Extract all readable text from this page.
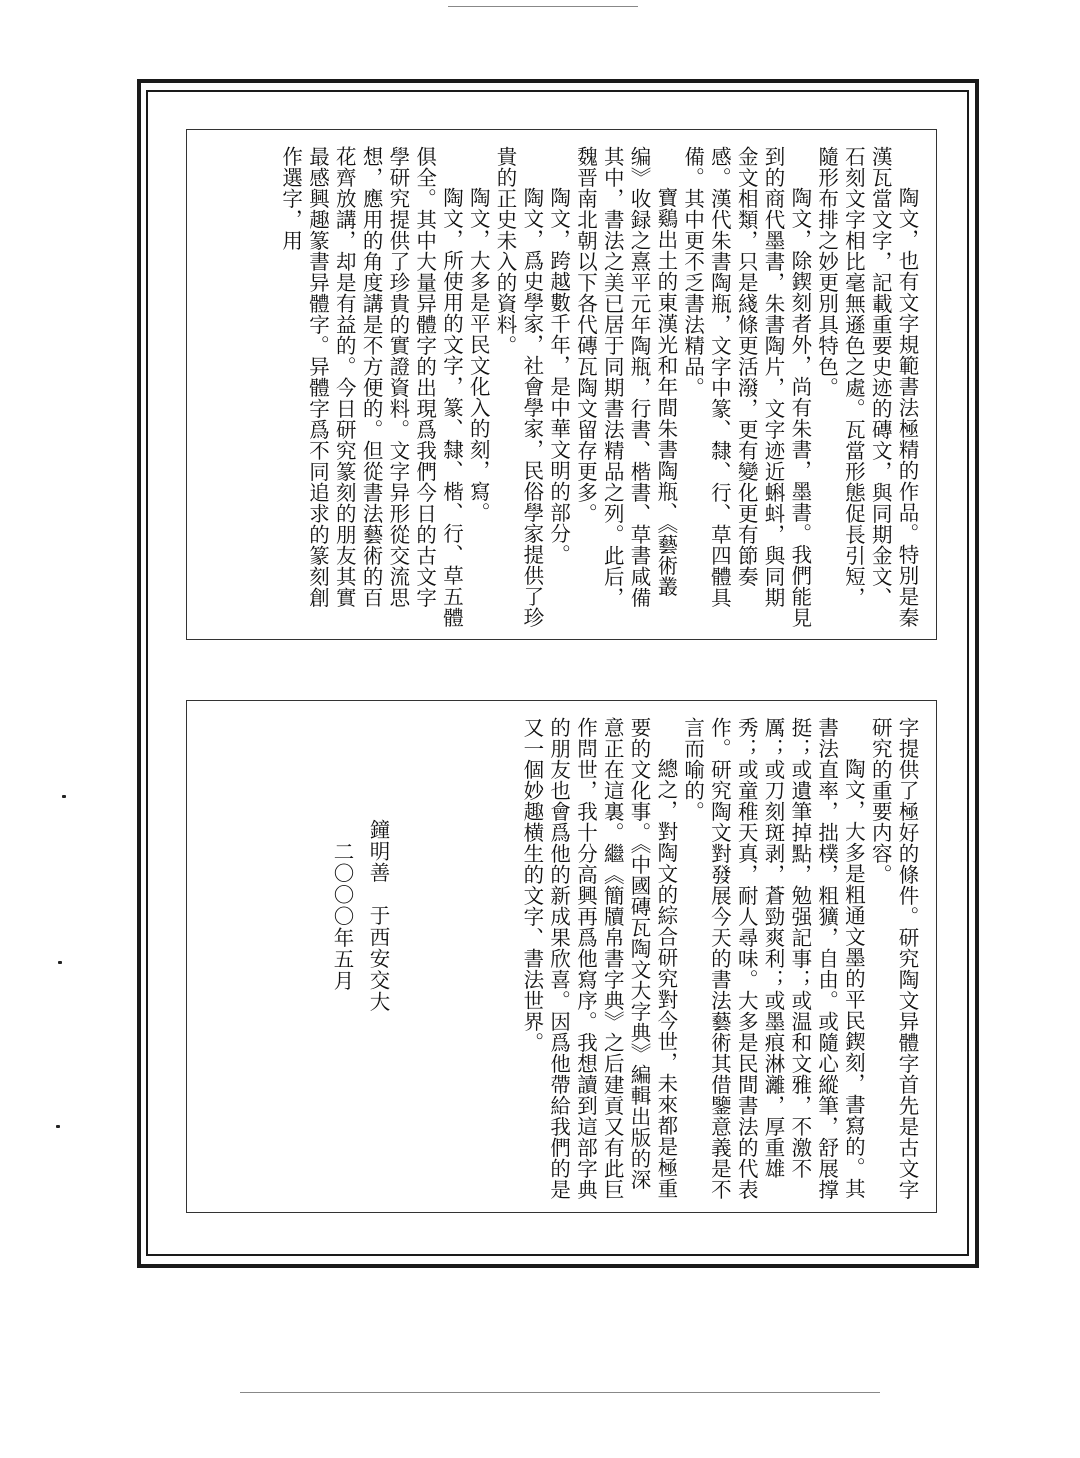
陶文，也有文字規範書法極精的作品。特別是秦漢瓦當文字，記載重要史迹的磚文，與同期金文、石刻文字相比毫無遜色之處。瓦當形態促長引短，隨形布排之妙更別具特色。

陶文，除鍥刻者外，尚有朱書，墨書。我們能見到的商代墨書，朱書陶片，文字迹近蝌蚪，與同期金文相類，只是綫條更活潑，更有變化更有節奏感。漢代朱書陶瓶，文字中篆、隸、行、草四體具備。其中更不乏書法精品。

寶鷄出土的東漢光和年間朱書陶瓶、《藝術叢编》收録之熹平元年陶瓶，行書、楷書、草書咸備其中，書法之美已居于同期書法精品之列。此后，魏晋南北朝以下各代磚瓦陶文留存更多。

陶文，跨越數千年，是中華文明的部分。

陶文，爲史學家，社會學家，民俗學家提供了珍貴的正史未入的資料。

陶文，大多是平民文化入的刻，寫。

陶文，所使用的文字，篆、隸、楷、行、草五體俱全。其中大量异體字的出現爲我們今日的古文字學研究提供了珍貴的實證資料。文字异形從交流思想，應用的角度講是不方便的。但從書法藝術的百花齊放講，却是有益的。今日研究篆刻的朋友其實最感興趣篆書异體字。异體字爲不同追求的篆刻創作選字，用

字提供了極好的條件。研究陶文异體字首先是古文字研究的重要内容。

陶文，大多是粗通文墨的平民鍥刻，書寫的。其書法直率，拙樸，粗獷，自由。或隨心縱筆，舒展撑挺；或遺筆掉點，勉强記事；或温和文雅，不激不厲；或刀刻斑剥，蒼勁爽利；或墨痕淋灕，厚重雄秀；或童稚天真，耐人尋味。大多是民間書法的代表作。研究陶文對發展今天的書法藝術其借鑒意義是不言而喻的。

總之，對陶文的綜合研究對今世，未來都是極重要的文化事。《中國磚瓦陶文大字典》編輯出版的深意正在這裏。繼《簡牘帛書字典》之后建貢又有此巨作問世，我十分高興再爲他寫序。我想讀到這部字典的朋友也會爲他的新成果欣喜。因爲他帶給我們的是又一個妙趣横生的文字、書法世界。

鐘明善　于西安交大
二〇〇〇年五月
